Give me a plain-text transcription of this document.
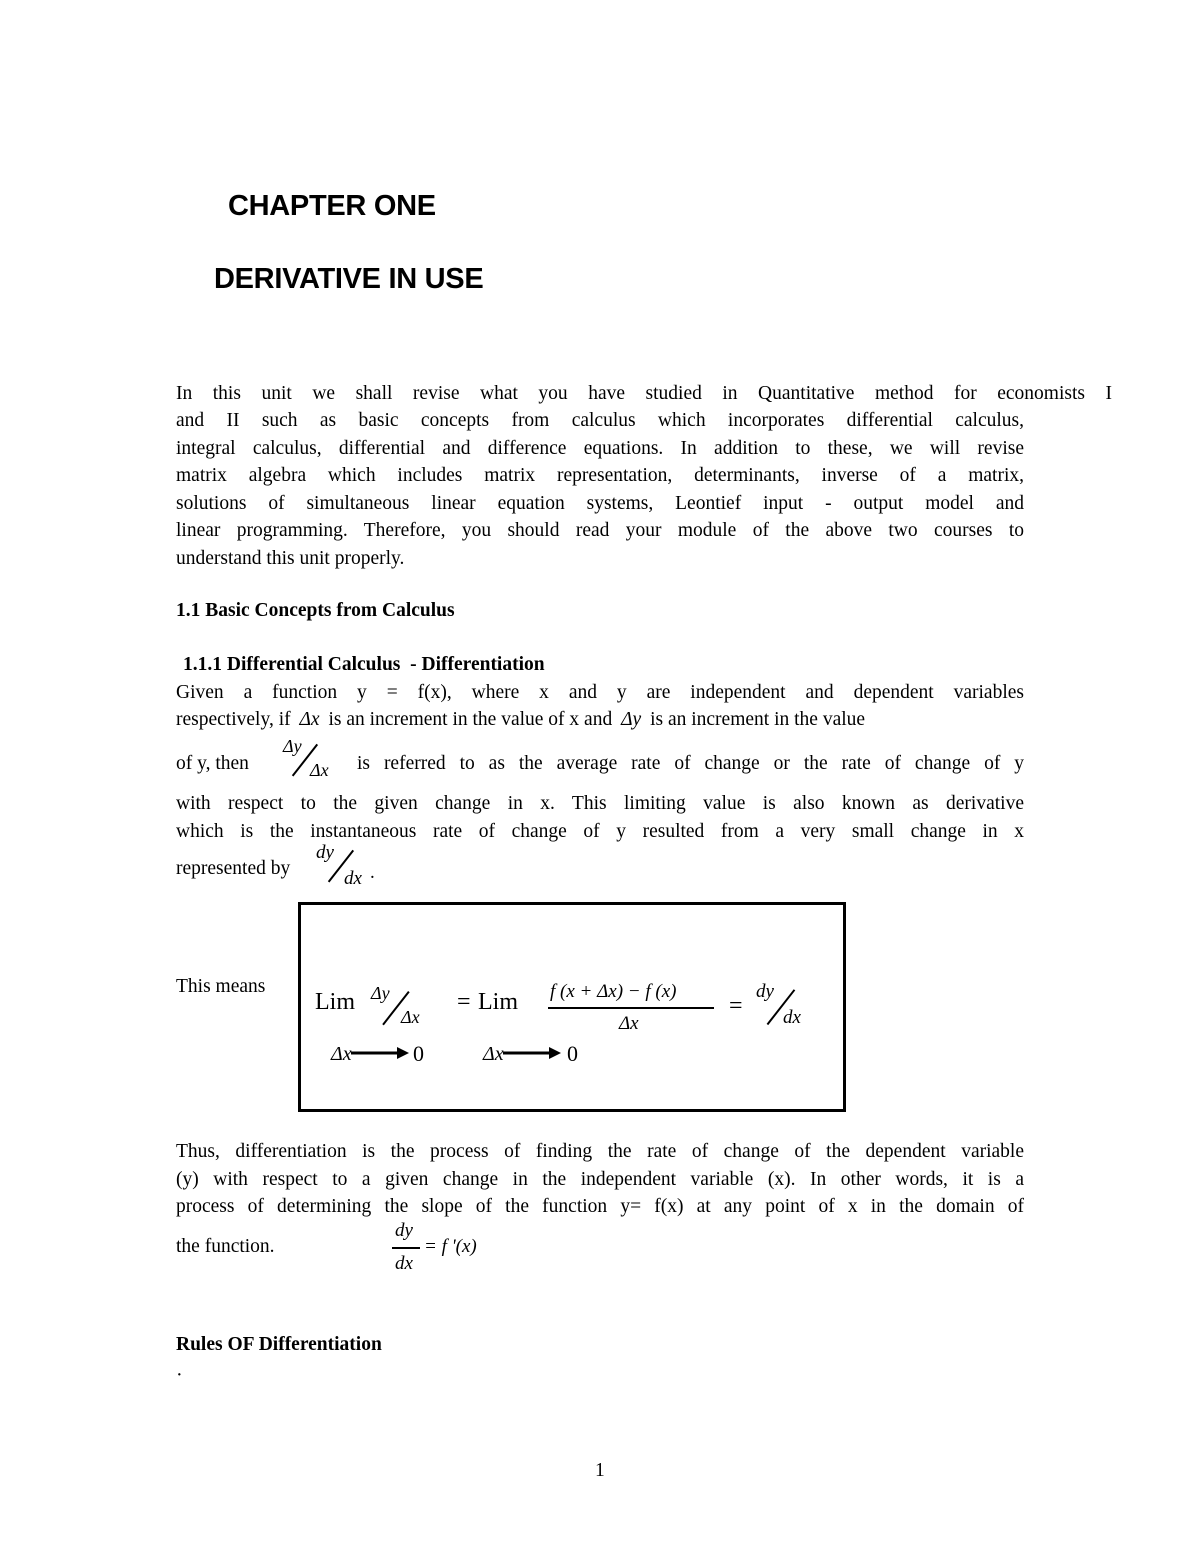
CHAPTER ONE
DERIVATIVE IN USE
In this unit we shall revise what you have studied in Quantitative method for economists I
and II such as basic concepts from calculus which incorporates differential calculus,
integral calculus, differential and difference equations. In addition to these, we will revise
matrix algebra which includes matrix representation, determinants, inverse of a matrix,
solutions of simultaneous linear equation systems, Leontief input - output model and
linear programming. Therefore, you should read your module of the above two courses to
understand this unit properly.
1.1 Basic Concepts from Calculus
1.1.1 Differential Calculus  - Differentiation
Given a function y = f(x), where x and y are independent and dependent variables
respectively, if Δx is an increment in the value of x and Δy is an increment in the value
of y, then
Δy
Δx is referred to as the average rate of change or the rate of change of y
with respect to the given change in x. This limiting value is also known as derivative
which is the instantaneous rate of change of y resulted from a very small change in x
represented by
dy
dx .
This means
Lim Δy
Δx
= Lim f (x + Δx) − f (x)
Δx
=
dy
dx
Δx	0	Δx	0
Thus, differentiation is the process of finding the rate of change of the dependent variable
(y) with respect to a given change in the independent variable (x). In other words, it is a
process of determining the slope of the function y= f(x) at any point of x in the domain of
the function.
dy
dx
= f '(x)
Rules OF Differentiation
·
1
